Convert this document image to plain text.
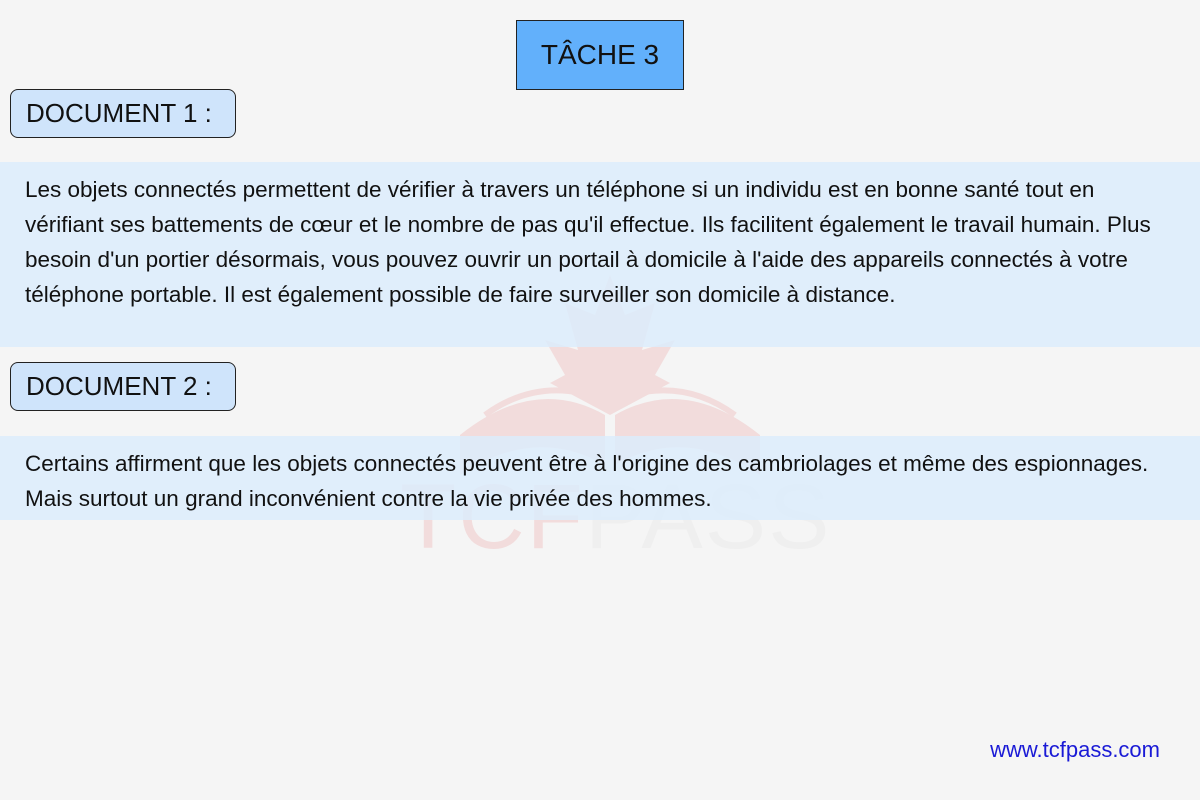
TÂCHE 3
DOCUMENT 1 :
Les objets connectés permettent de vérifier à travers un téléphone si un individu est en bonne santé tout en vérifiant ses battements de cœur et le nombre de pas qu'il effectue. Ils facilitent également le travail humain. Plus besoin d'un portier désormais, vous pouvez ouvrir un portail à domicile à l'aide des appareils connectés à votre téléphone portable. Il est également possible de faire surveiller son domicile à distance.
DOCUMENT 2 :
Certains affirment que les objets connectés peuvent être à l'origine des cambriolages et même des espionnages. Mais surtout un grand inconvénient contre la vie privée des hommes.
www.tcfpass.com
